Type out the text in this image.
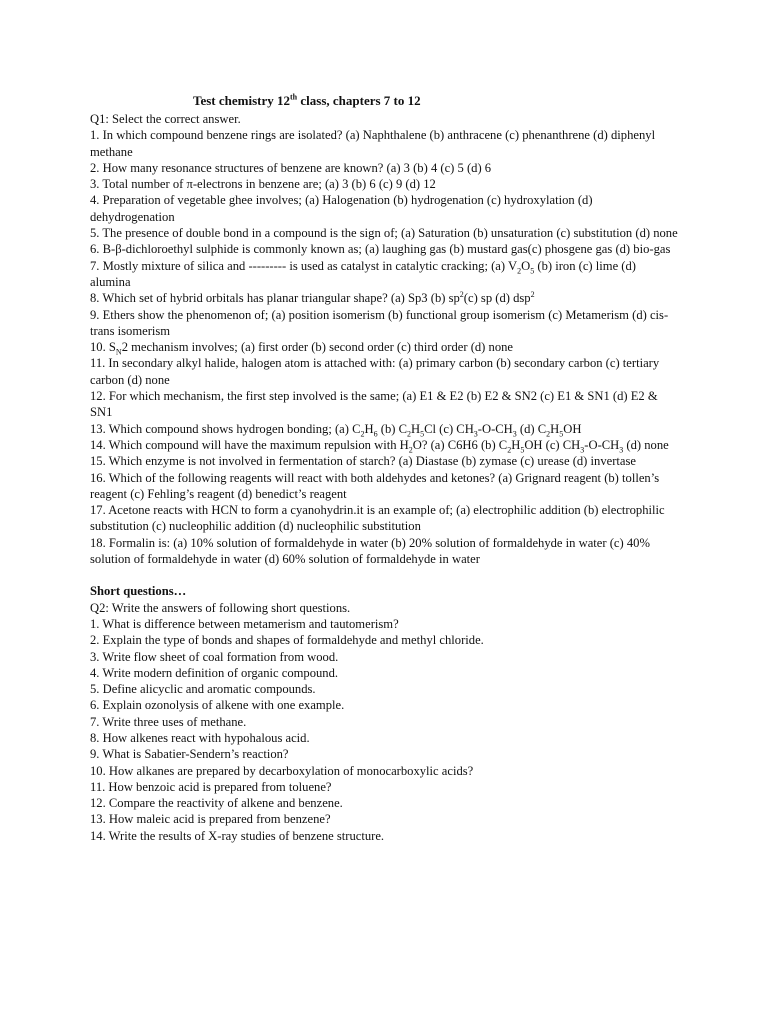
Test chemistry 12th class, chapters 7 to 12

Q1: Select the correct answer.

1. In which compound benzene rings are isolated? (a) Naphthalene (b) anthracene (c) phenanthrene (d) diphenyl methane

2. How many resonance structures of benzene are known? (a) 3 (b) 4 (c) 5 (d) 6

3. Total number of π-electrons in benzene are; (a) 3 (b) 6 (c) 9 (d) 12

4. Preparation of vegetable ghee involves; (a) Halogenation (b) hydrogenation (c) hydroxylation (d) dehydrogenation

5. The presence of double bond in a compound is the sign of; (a) Saturation (b) unsaturation (c) substitution (d) none

6. B-β-dichloroethyl sulphide is commonly known as; (a) laughing gas (b) mustard gas(c) phosgene gas (d) bio-gas

7. Mostly mixture of silica and --------- is used as catalyst in catalytic cracking; (a) $V_2O_5$ (b) iron (c) lime (d) alumina

8. Which set of hybrid orbitals has planar triangular shape? (a) Sp3 (b) $sp^2(c)$ sp (d) dsp$^2$

9. Ethers show the phenomenon of; (a) position isomerism (b) functional group isomerism (c) Metamerism (d) cis-trans isomerism

10. $S_N2$ mechanism involves; (a) first order (b) second order (c) third order (d) none

11. In secondary alkyl halide, halogen atom is attached with: (a) primary carbon (b) secondary carbon (c) tertiary carbon (d) none

12. For which mechanism, the first step involved is the same; (a) E1 & E2 (b) E2 & SN2 (c) E1 & SN1 (d) E2 & SN1

13. Which compound shows hydrogen bonding; (a) $C_2H_6$ (b) $C_2H_5Cl$ (c) $CH_3-O-CH_3$ (d) $C_2H_5OH$

14. Which compound will have the maximum repulsion with $H_2O$? (a) C6H6 (b) $C_2H_5OH$ (c) $CH_3-O-CH_3$ (d) none

15. Which enzyme is not involved in fermentation of starch? (a) Diastase (b) zymase (c) urease (d) invertase

16. Which of the following reagents will react with both aldehydes and ketones? (a) Grignard reagent (b) tollen’s reagent (c) Fehling’s reagent (d) benedict’s reagent

17. Acetone reacts with HCN to form a cyanohydrin.it is an example of; (a) electrophilic addition (b) electrophilic substitution (c) nucleophilic addition (d) nucleophilic substitution

18. Formalin is: (a) 10% solution of formaldehyde in water (b) 20% solution of formaldehyde in water (c) 40% solution of formaldehyde in water (d) 60% solution of formaldehyde in water

Short questions…

Q2: Write the answers of following short questions.

1. What is difference between metamerism and tautomerism?

2. Explain the type of bonds and shapes of formaldehyde and methyl chloride.

3. Write flow sheet of coal formation from wood.

4. Write modern definition of organic compound.

5. Define alicyclic and aromatic compounds.

6. Explain ozonolysis of alkene with one example.

7. Write three uses of methane.

8. How alkenes react with hypohalous acid.

9. What is Sabatier-Sendern’s reaction?

10. How alkanes are prepared by decarboxylation of monocarboxylic acids?

11. How benzoic acid is prepared from toluene?

12. Compare the reactivity of alkene and benzene.

13. How maleic acid is prepared from benzene?

14. Write the results of X-ray studies of benzene structure.
